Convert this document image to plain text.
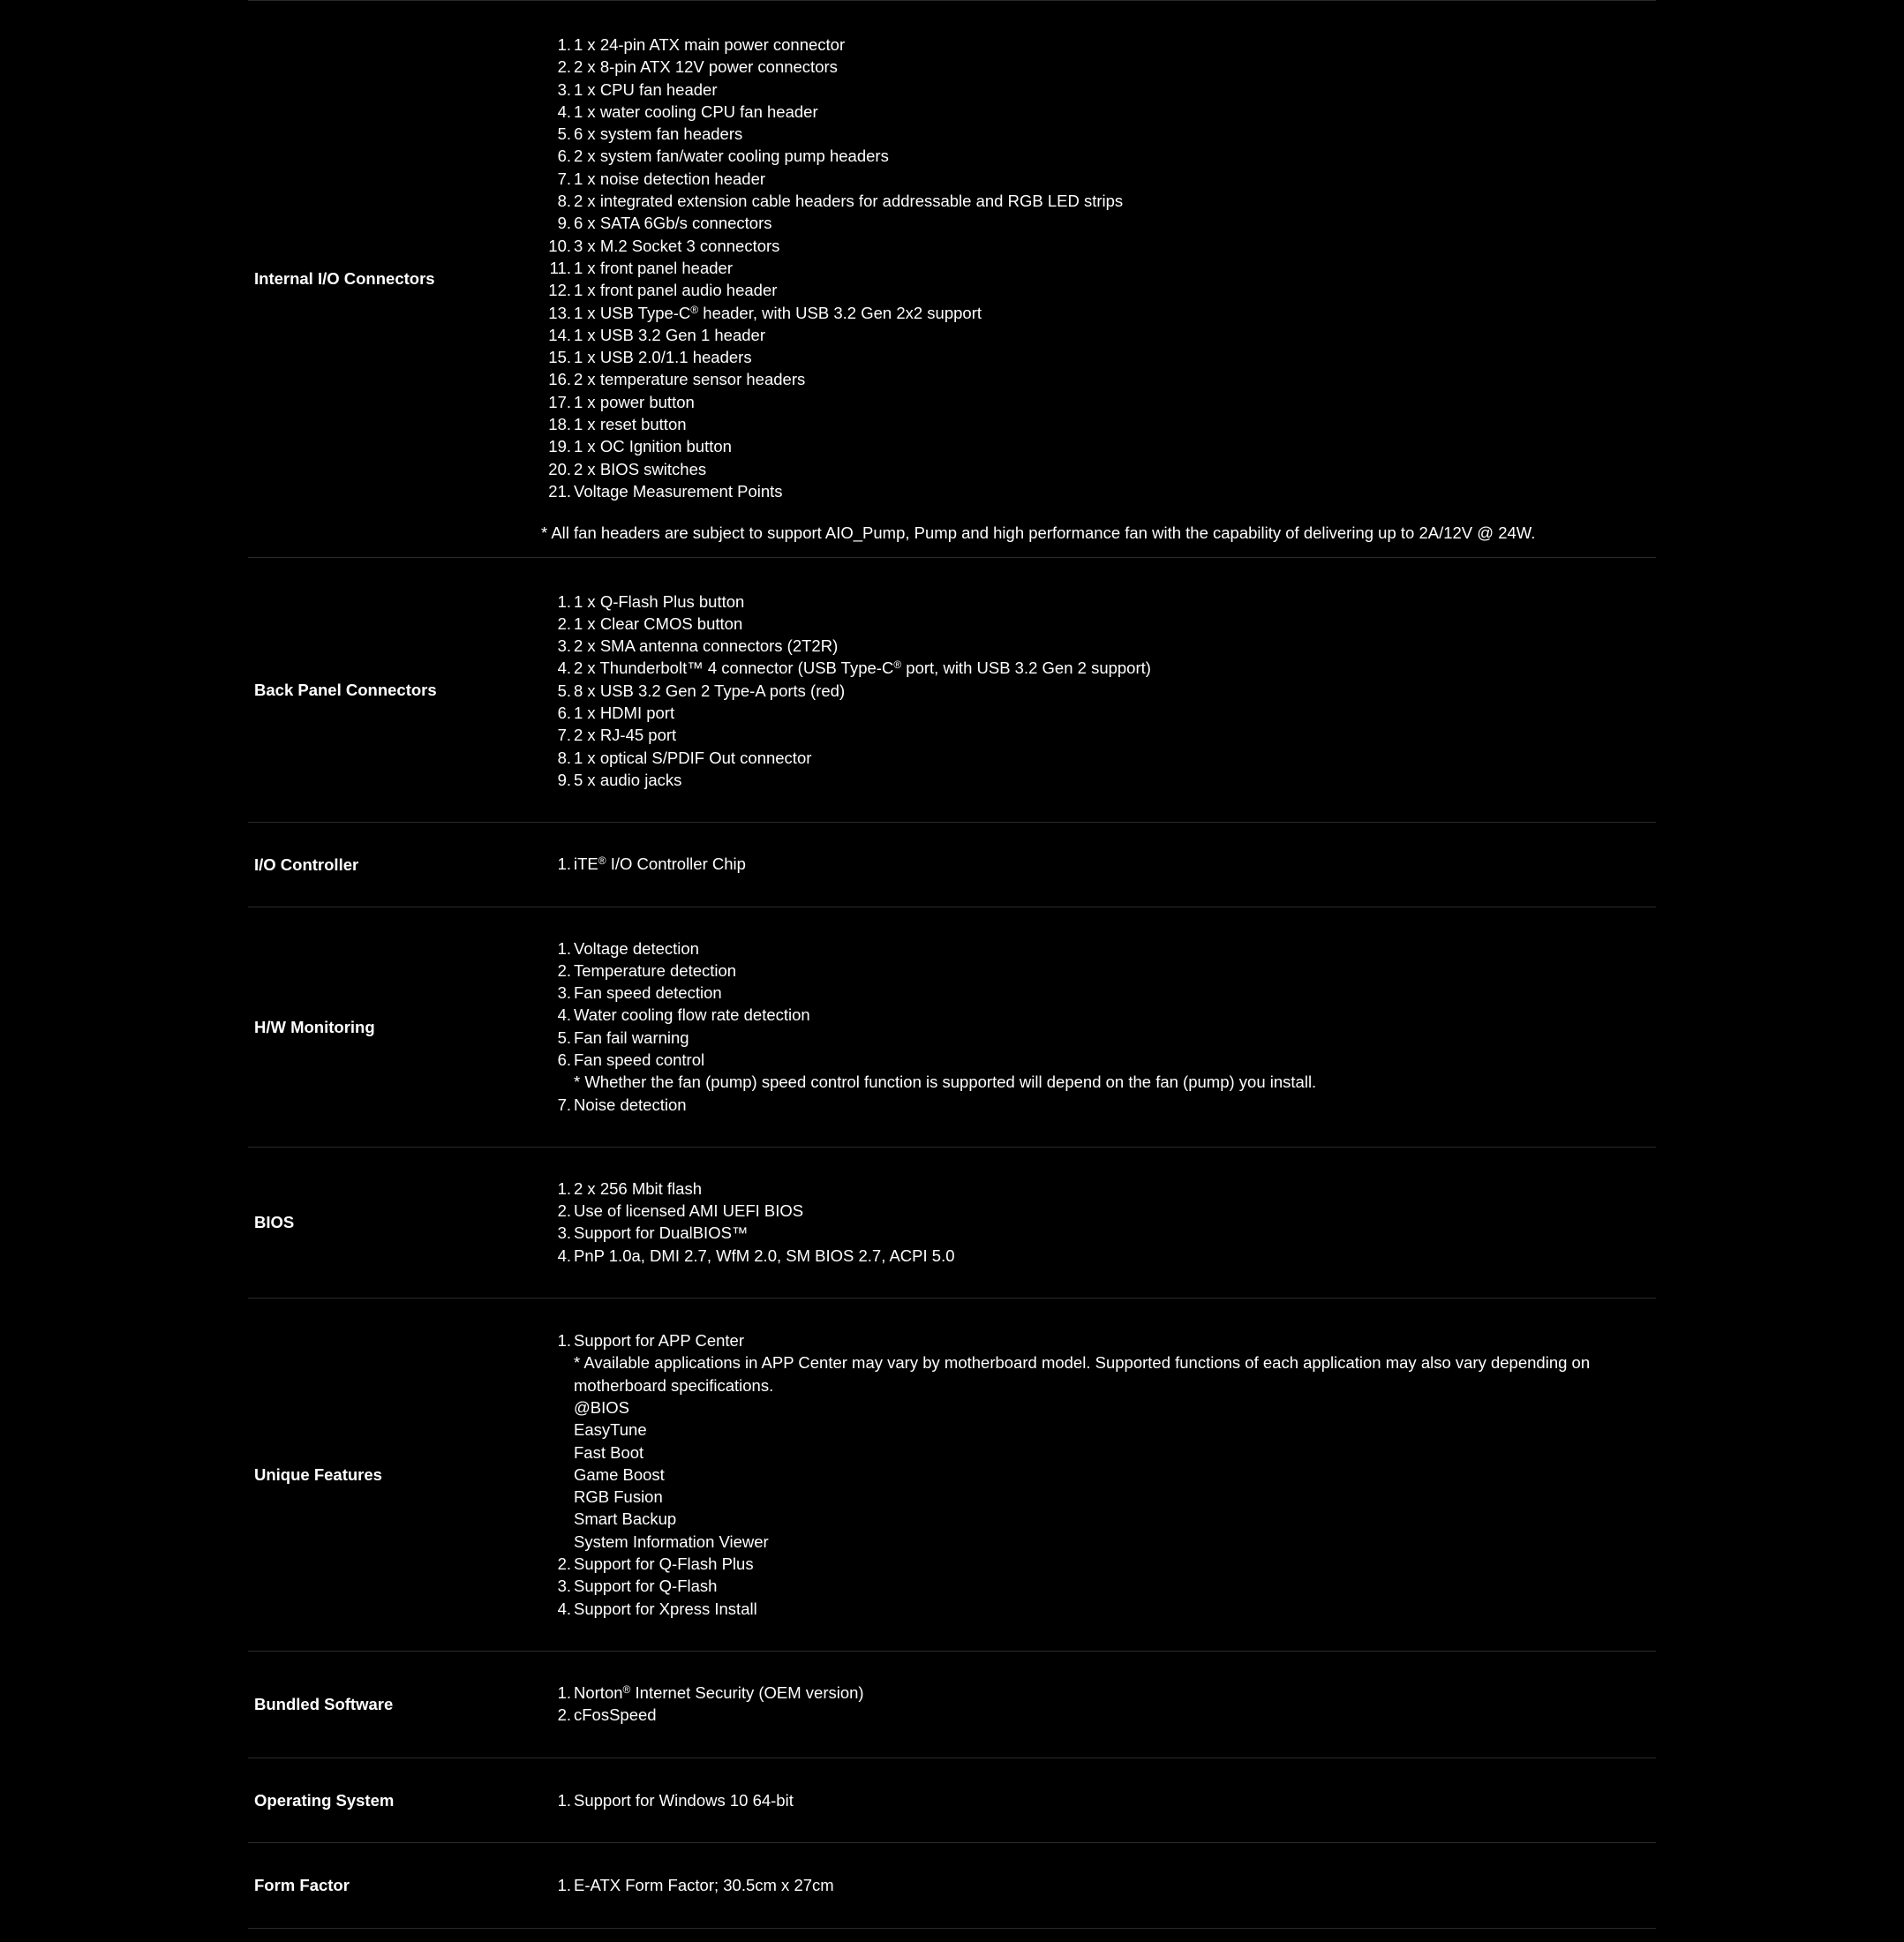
Internal I/O Connectors
1. 1 x 24-pin ATX main power connector
2. 2 x 8-pin ATX 12V power connectors
3. 1 x CPU fan header
4. 1 x water cooling CPU fan header
5. 6 x system fan headers
6. 2 x system fan/water cooling pump headers
7. 1 x noise detection header
8. 2 x integrated extension cable headers for addressable and RGB LED strips
9. 6 x SATA 6Gb/s connectors
10. 3 x M.2 Socket 3 connectors
11. 1 x front panel header
12. 1 x front panel audio header
13. 1 x USB Type-C® header, with USB 3.2 Gen 2x2 support
14. 1 x USB 3.2 Gen 1 header
15. 1 x USB 2.0/1.1 headers
16. 2 x temperature sensor headers
17. 1 x power button
18. 1 x reset button
19. 1 x OC Ignition button
20. 2 x BIOS switches
21. Voltage Measurement Points
* All fan headers are subject to support AIO_Pump, Pump and high performance fan with the capability of delivering up to 2A/12V @ 24W.
Back Panel Connectors
1. 1 x Q-Flash Plus button
2. 1 x Clear CMOS button
3. 2 x SMA antenna connectors (2T2R)
4. 2 x Thunderbolt™ 4 connector (USB Type-C® port, with USB 3.2 Gen 2 support)
5. 8 x USB 3.2 Gen 2 Type-A ports (red)
6. 1 x HDMI port
7. 2 x RJ-45 port
8. 1 x optical S/PDIF Out connector
9. 5 x audio jacks
I/O Controller	1. iTE® I/O Controller Chip
H/W Monitoring
1. Voltage detection
2. Temperature detection
3. Fan speed detection
4. Water cooling flow rate detection
5. Fan fail warning
6. Fan speed control
* Whether the fan (pump) speed control function is supported will depend on the fan (pump) you install.
7. Noise detection
BIOS
1. 2 x 256 Mbit flash
2. Use of licensed AMI UEFI BIOS
3. Support for DualBIOS™
4. PnP 1.0a, DMI 2.7, WfM 2.0, SM BIOS 2.7, ACPI 5.0
Unique Features
1. Support for APP Center
* Available applications in APP Center may vary by motherboard model. Supported functions of each application may also vary depending on
motherboard specifications.
@BIOS
EasyTune
Fast Boot
Game Boost
RGB Fusion
Smart Backup
System Information Viewer
2. Support for Q-Flash Plus
3. Support for Q-Flash
4. Support for Xpress Install
Bundled Software
1. Norton® Internet Security (OEM version)
2. cFosSpeed
Operating System	1. Support for Windows 10 64-bit
Form Factor	1. E-ATX Form Factor; 30.5cm x 27cm
